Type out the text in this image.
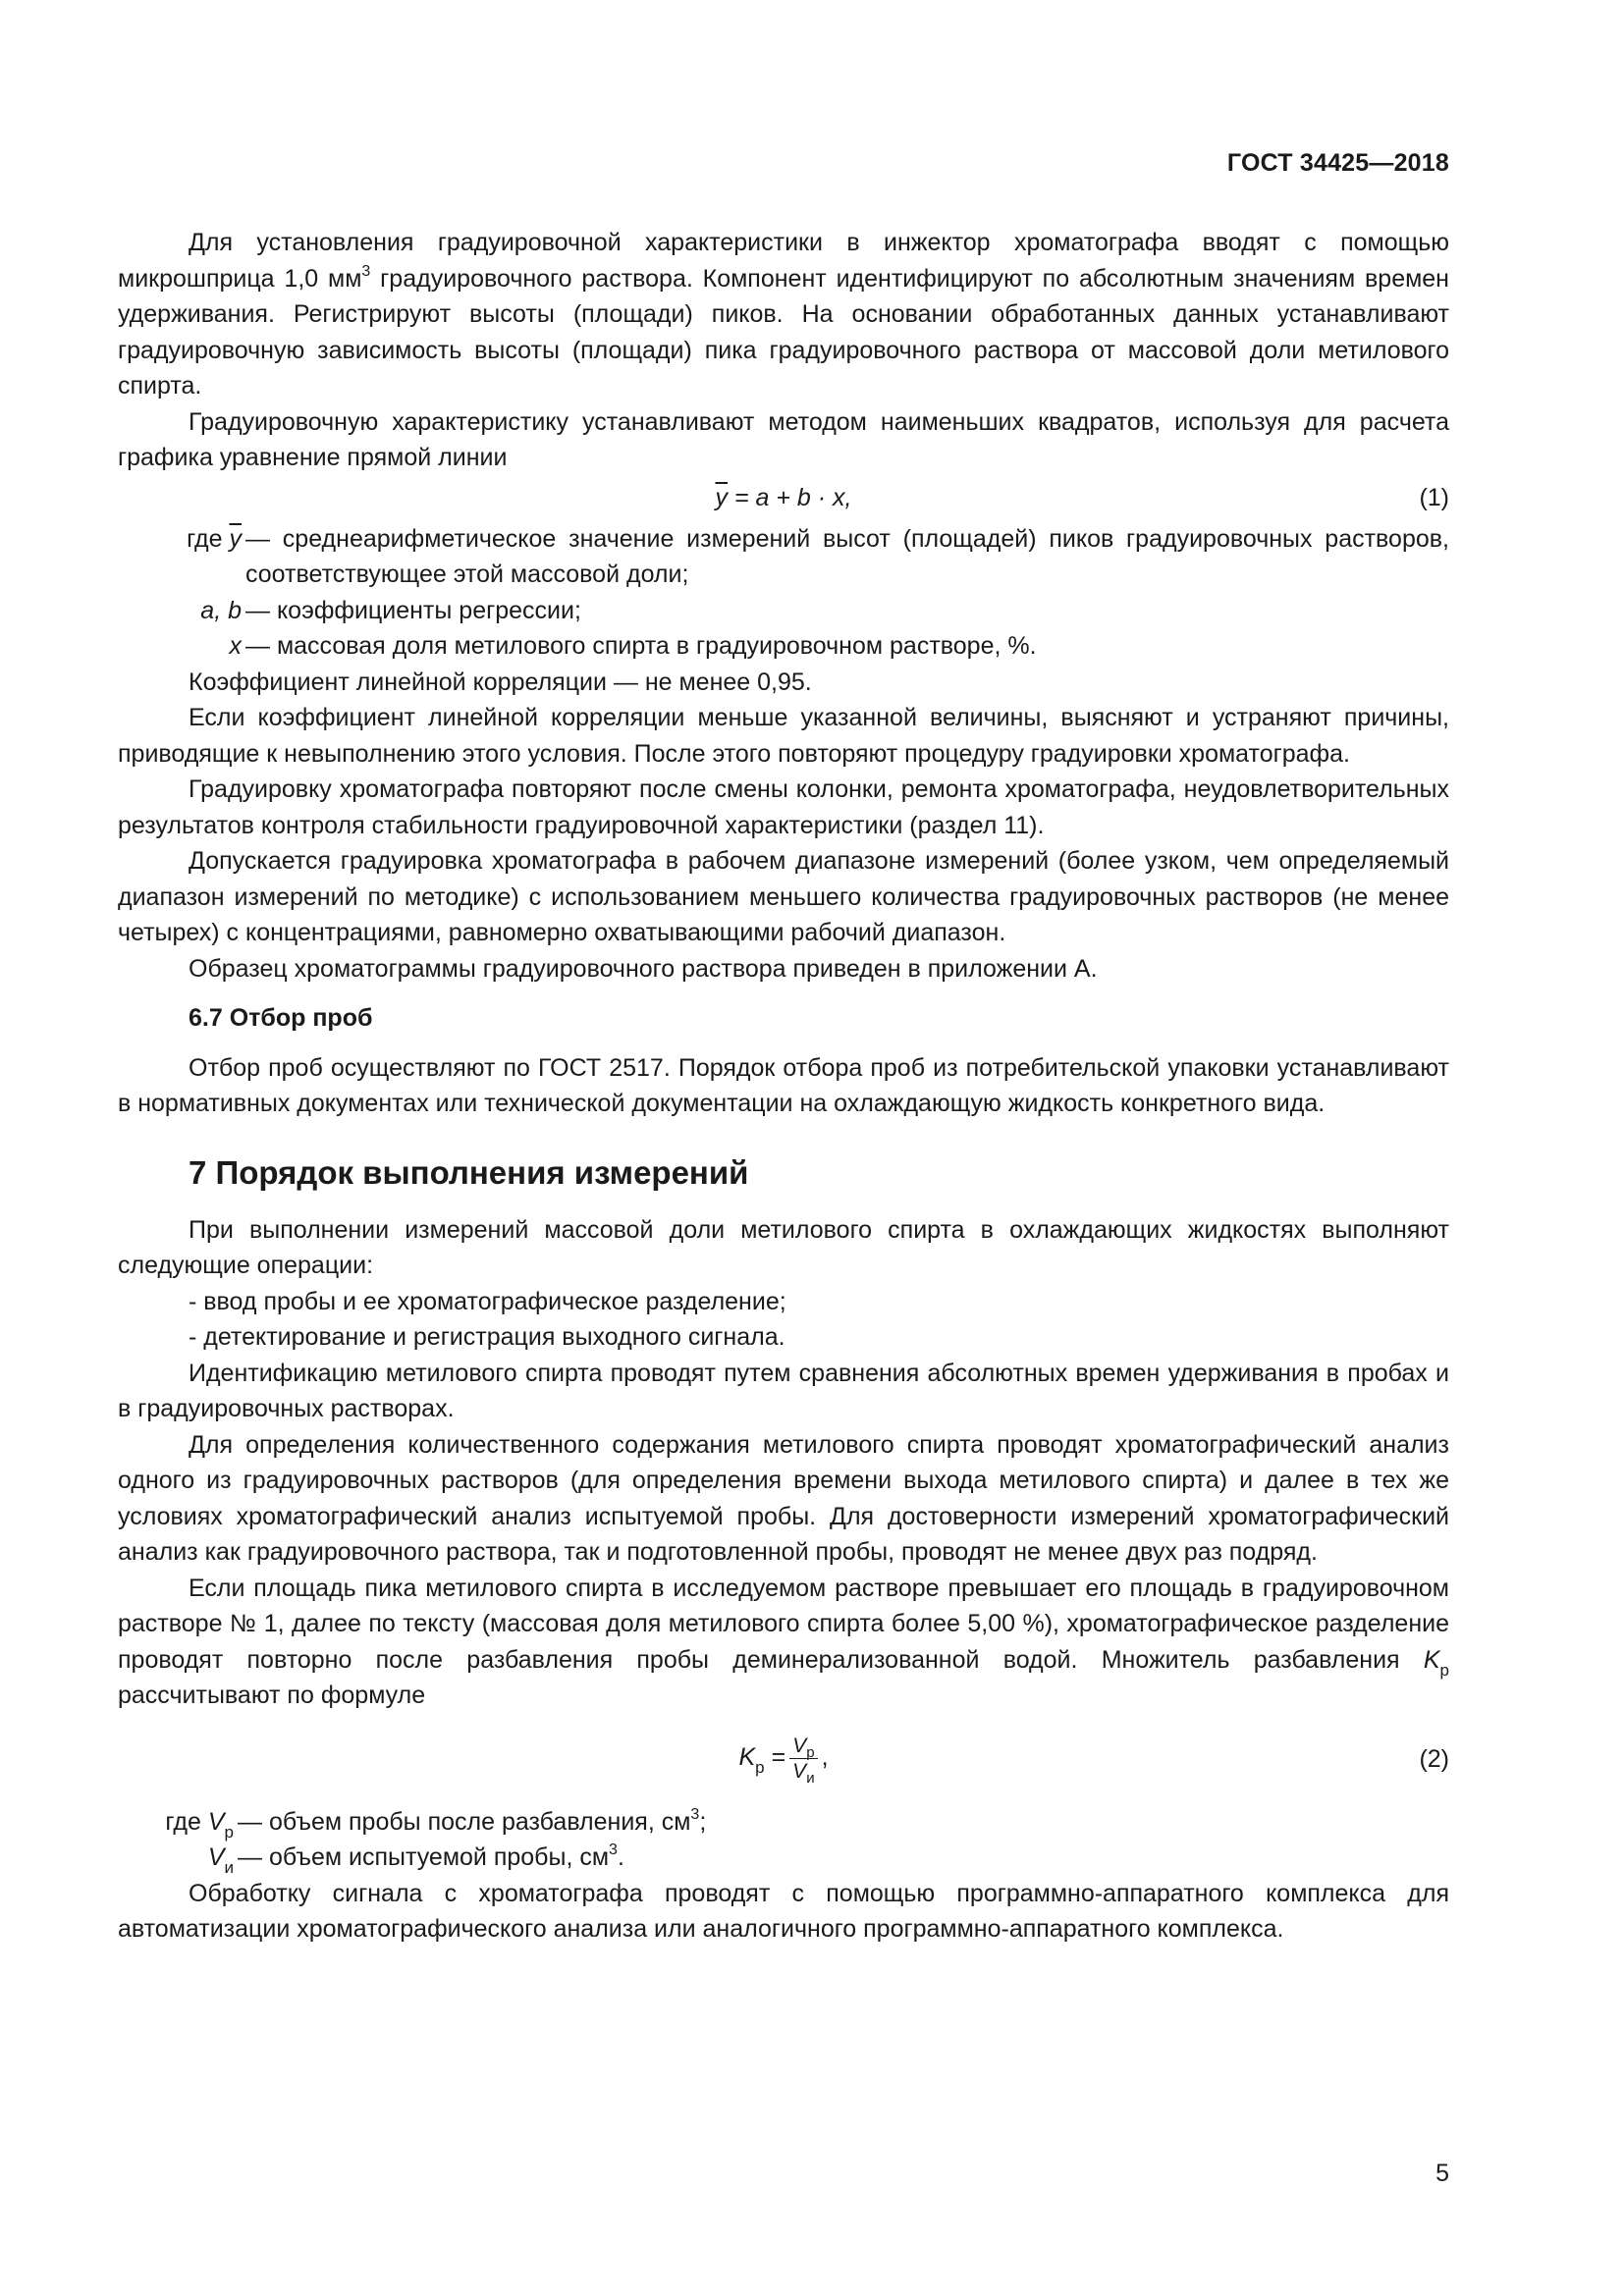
ГОСТ 34425—2018

Для установления градуировочной характеристики в инжектор хроматографа вводят с помощью микрошприца 1,0 $мм^3$ градуировочного раствора. Компонент идентифицируют по абсолютным значениям времен удерживания. Регистрируют высоты (площади) пиков. На основании обработанных данных устанавливают градуировочную зависимость высоты (площади) пика градуировочного раствора от массовой доли метилового спирта.

Градуировочную характеристику устанавливают методом наименьших квадратов, используя для расчета графика уравнение прямой линии

$\overline{y} = a + b \cdot x$,	(1)
где $\overline{y}$ — среднеарифметическое значение измерений высот (площадей) пиков градуировочных растворов, соответствующее этой массовой доли;
a, b — коэффициенты регрессии;
x — массовая доля метилового спирта в градуировочном растворе, %.

Коэффициент линейной корреляции — не менее 0,95.

Если коэффициент линейной корреляции меньше указанной величины, выясняют и устраняют причины, приводящие к невыполнению этого условия. После этого повторяют процедуру градуировки хроматографа.

Градуировку хроматографа повторяют после смены колонки, ремонта хроматографа, неудовлетворительных результатов контроля стабильности градуировочной характеристики (раздел 11).

Допускается градуировка хроматографа в рабочем диапазоне измерений (более узком, чем определяемый диапазон измерений по методике) с использованием меньшего количества градуировочных растворов (не менее четырех) с концентрациями, равномерно охватывающими рабочий диапазон.

Образец хроматограммы градуировочного раствора приведен в приложении А.

6.7 Отбор проб

Отбор проб осуществляют по ГОСТ 2517. Порядок отбора проб из потребительской упаковки устанавливают в нормативных документах или технической документации на охлаждающую жидкость конкретного вида.

7 Порядок выполнения измерений

При выполнении измерений массовой доли метилового спирта в охлаждающих жидкостях выполняют следующие операции:

- ввод пробы и ее хроматографическое разделение;
- детектирование и регистрация выходного сигнала.

Идентификацию метилового спирта проводят путем сравнения абсолютных времен удерживания в пробах и в градуировочных растворах.

Для определения количественного содержания метилового спирта проводят хроматографический анализ одного из градуировочных растворов (для определения времени выхода метилового спирта) и далее в тех же условиях хроматографический анализ испытуемой пробы. Для достоверности измерений хроматографический анализ как градуировочного раствора, так и подготовленной пробы, проводят не менее двух раз подряд.

Если площадь пика метилового спирта в исследуемом растворе превышает его площадь в градуировочном растворе № 1, далее по тексту (массовая доля метилового спирта более 5,00 %), хроматографическое разделение проводят повторно после разбавления пробы деминерализованной водой. Множитель разбавления $K_р$ рассчитывают по формуле

$K_р = \frac{V_р}{V_и}$ ,	(2)
где $V_р$ — объем пробы после разбавления, $см^3$;
$V_и$ — объем испытуемой пробы, $см^3$.

Обработку сигнала с хроматографа проводят с помощью программно-аппаратного комплекса для автоматизации хроматографического анализа или аналогичного программно-аппаратного комплекса.

5
